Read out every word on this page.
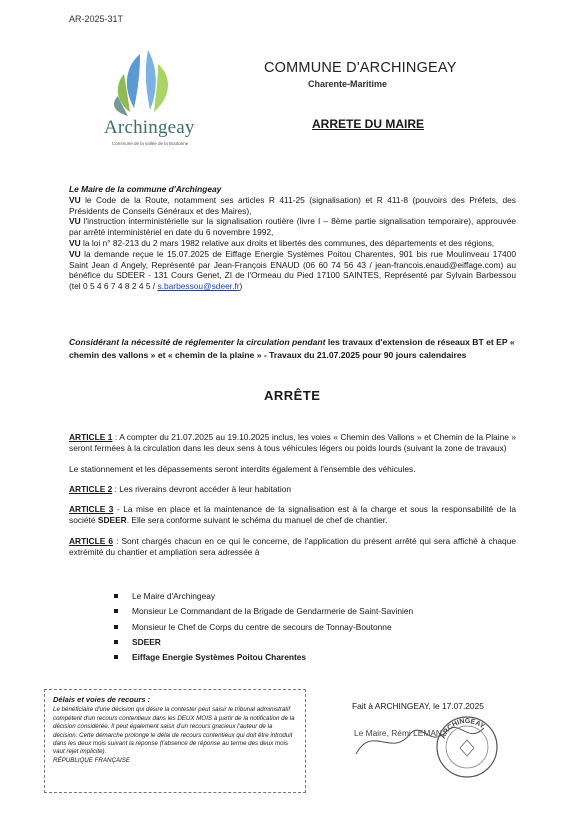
AR-2025-31T
Archingeay
Commune de la vallée de la Boutonne
COMMUNE D'ARCHINGEAY
Charente-Maritime
ARRETE DU MAIRE

Le Maire de la commune d'Archingeay

VU le Code de la Route, notamment ses articles R 411-25 (signalisation) et R 411-8 (pouvoirs des Préfets, des Présidents de Conseils Généraux et des Maires),

VU l'instruction interministérielle sur la signalisation routière (livre I – 8ème partie signalisation temporaire), approuvée par arrêté interministériel en date du 6 novembre 1992,

VU la loi n° 82-213 du 2 mars 1982 relative aux droits et libertés des communes, des départements et des régions,

VU la demande reçue le 15.07.2025 de Eiffage Energie Systèmes Poitou Charentes, 901 bis rue Moulinveau 17400 Saint Jean d Angely, Représenté par Jean-François ENAUD (06 60 74 56 43 / jean-francois.enaud@eiffage.com) au bénéfice du SDEER - 131 Cours Genet, ZI de l'Ormeau du Pied 17100 SAINTES, Représenté par Sylvain Barbessou (tel 0 5 4 6 7 4 8 2 4 5 / s.barbessou@sdeer.fr)

Considérant la nécessité de réglementer la circulation pendant les travaux d'extension de réseaux BT et EP « chemin des vallons » et « chemin de la plaine » - Travaux du 21.07.2025 pour 90 jours calendaires
ARRÊTE

ARTICLE 1 : A compter du 21.07.2025 au 19.10.2025 inclus, les voies « Chemin des Vallons » et Chemin de la Plaine » seront fermées à la circulation dans les deux sens à tous véhicules légers ou poids lourds (suivant la zone de travaux)

Le stationnement et les dépassements seront interdits également à l'ensemble des véhicules.

ARTICLE 2 : Les riverains devront accéder à leur habitation

ARTICLE 3 - La mise en place et la maintenance de la signalisation est à la charge et sous la responsabilité de la société SDEER. Elle sera conforme suivant le schéma du manuel de chef de chantier.

ARTICLE 6 : Sont chargés chacun en ce qui le concerne, de l'application du présent arrêté qui sera affiché à chaque extrémité du chantier et ampliation sera adressée à

Le Maire d'Archingeay
Monsieur Le Commandant de la Brigade de Gendarmerie de Saint-Savinien
Monsieur le Chef de Corps du centre de secours de Tonnay-Boutonne
SDEER
Eiffage Energie Systèmes Poitou Charentes
Délais et voies de recours :
Le bénéficiaire d'une décision qui désire la contester peut saisir le tribunal administratif compétent d'un recours contentieux dans les DEUX MOIS à partir de la notification de la décision considérée. Il peut également saisir d'un recours gracieux l'auteur de la décision. Cette démarche prolonge le délai de recours contentieux qui doit être introduit dans les deux mois suivant la réponse (l'absence de réponse au terme des deux mois vaut rejet implicite).
RÉPUBLIQUE FRANÇAISE
Fait à ARCHINGEAY, le 17.07.2025
Le Maire, Rémi LEMAN
ARCHINGEAY
